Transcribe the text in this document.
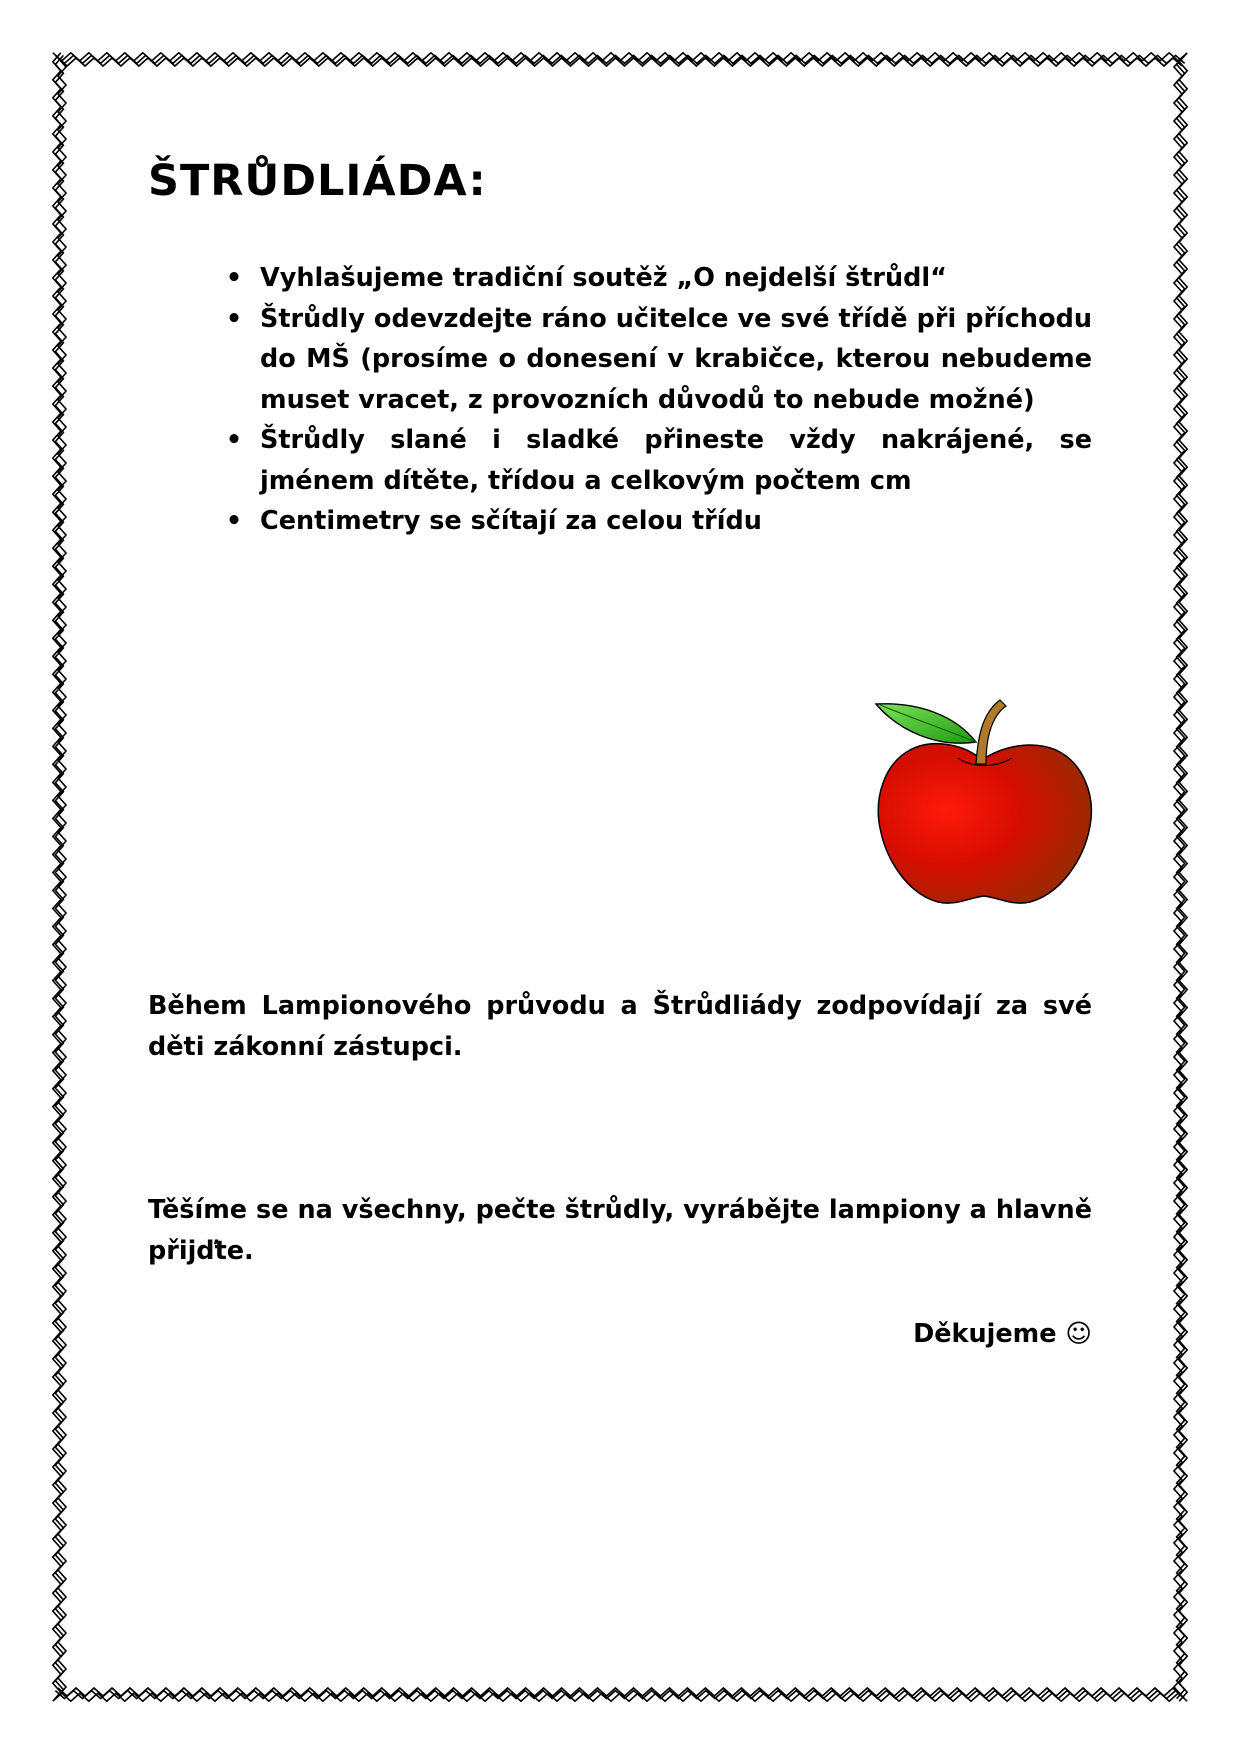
ŠTRŮDLIÁDA:
• Vyhlašujeme tradiční soutěž „O nejdelší štrůdl“
• Štrůdly odevzdejte ráno učitelce ve své třídě při příchodu do MŠ (prosíme o donesení v krabičce, kterou nebudeme muset vracet, z provozních důvodů to nebude možné)
• Štrůdly slané i sladké přineste vždy nakrájené, se jménem dítěte, třídou a celkovým počtem cm
• Centimetry se sčítají za celou třídu

Během Lampionového průvodu a Štrůdliády zodpovídají za své děti zákonní zástupci.

Těšíme se na všechny, pečte štrůdly, vyrábějte lampiony a hlavně přijďte.

Děkujeme ☺
